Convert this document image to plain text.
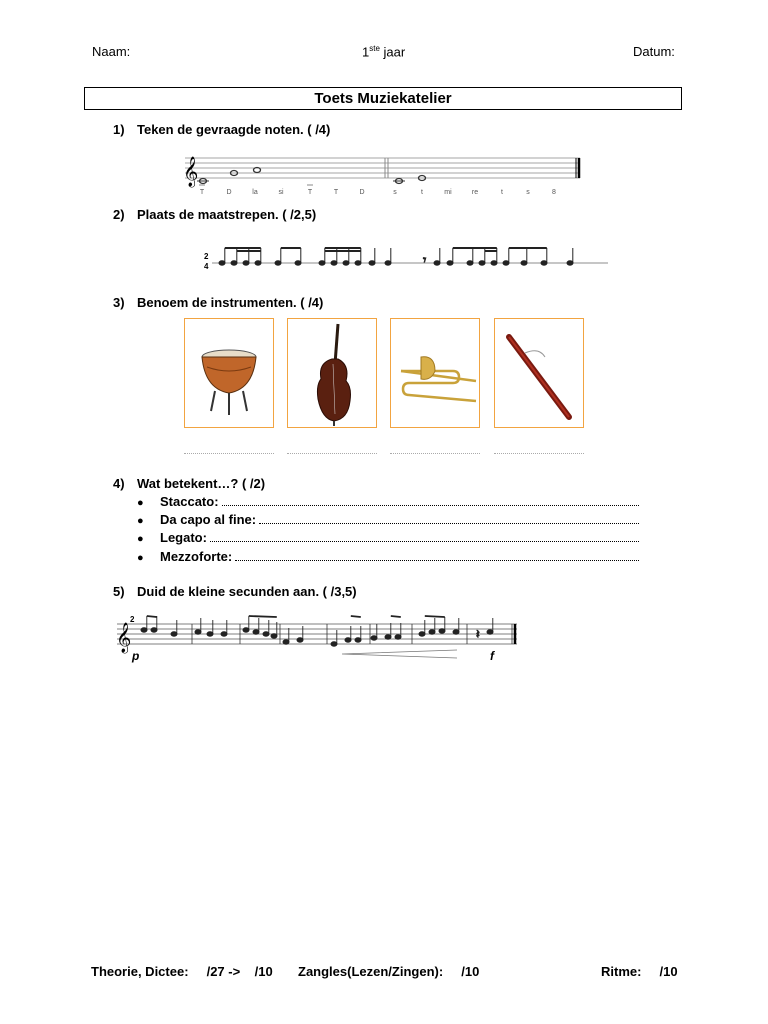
Naam:	1ste jaar	Datum:
Toets Muziekatelier
1) Teken de gevraagde noten. ( /4)
2) Plaats de maatstrepen. ( /2,5)
3) Benoem de instrumenten. ( /4)
4) Wat betekent…? ( /2)
5) Duid de kleine secunden aan. ( /3,5)
𝄞
T	D	la	si	T	T	D	s	t	mi	re	t	s	8
2
4	𝄾
●	Staccato:
●	Da capo al fine:
●	Legato:
●	Mezzoforte:
𝄞
2
𝄽
p	f
Theorie, Dictee:     /27 ->    /10 Zangles(Lezen/Zingen):     /10	Ritme:     /10
